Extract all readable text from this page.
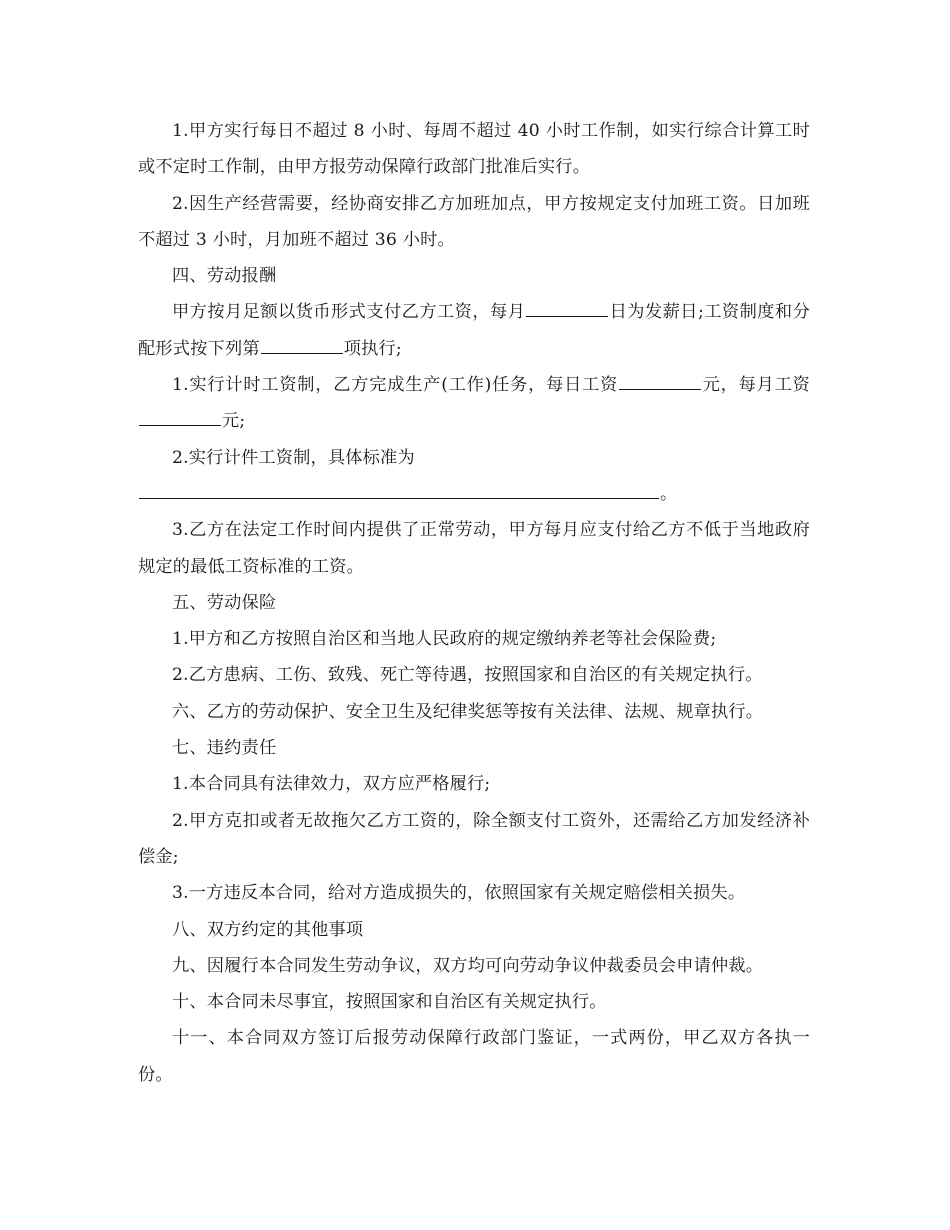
1.甲方实行每日不超过 8 小时、每周不超过 40 小时工作制，如实行综合计算工时或不定时工作制，由甲方报劳动保障行政部门批准后实行。

2.因生产经营需要，经协商安排乙方加班加点，甲方按规定支付加班工资。日加班不超过 3 小时，月加班不超过 36 小时。

四、劳动报酬

甲方按月足额以货币形式支付乙方工资，每月	日为发薪日;工资制度和分配形式按下列第	项执行;

1.实行计时工资制，乙方完成生产(工作)任务，每日工资	元，每月工资元;

2.实行计件工资制，具体标准为

。

3.乙方在法定工作时间内提供了正常劳动，甲方每月应支付给乙方不低于当地政府规定的最低工资标准的工资。

五、劳动保险

1.甲方和乙方按照自治区和当地人民政府的规定缴纳养老等社会保险费;

2.乙方患病、工伤、致残、死亡等待遇，按照国家和自治区的有关规定执行。

六、乙方的劳动保护、安全卫生及纪律奖惩等按有关法律、法规、规章执行。

七、违约责任

1.本合同具有法律效力，双方应严格履行;

2.甲方克扣或者无故拖欠乙方工资的，除全额支付工资外，还需给乙方加发经济补偿金;

3.一方违反本合同，给对方造成损失的，依照国家有关规定赔偿相关损失。

八、双方约定的其他事项

九、因履行本合同发生劳动争议，双方均可向劳动争议仲裁委员会申请仲裁。

十、本合同未尽事宜，按照国家和自治区有关规定执行。

十一、本合同双方签订后报劳动保障行政部门鉴证，一式两份，甲乙双方各执一份。
